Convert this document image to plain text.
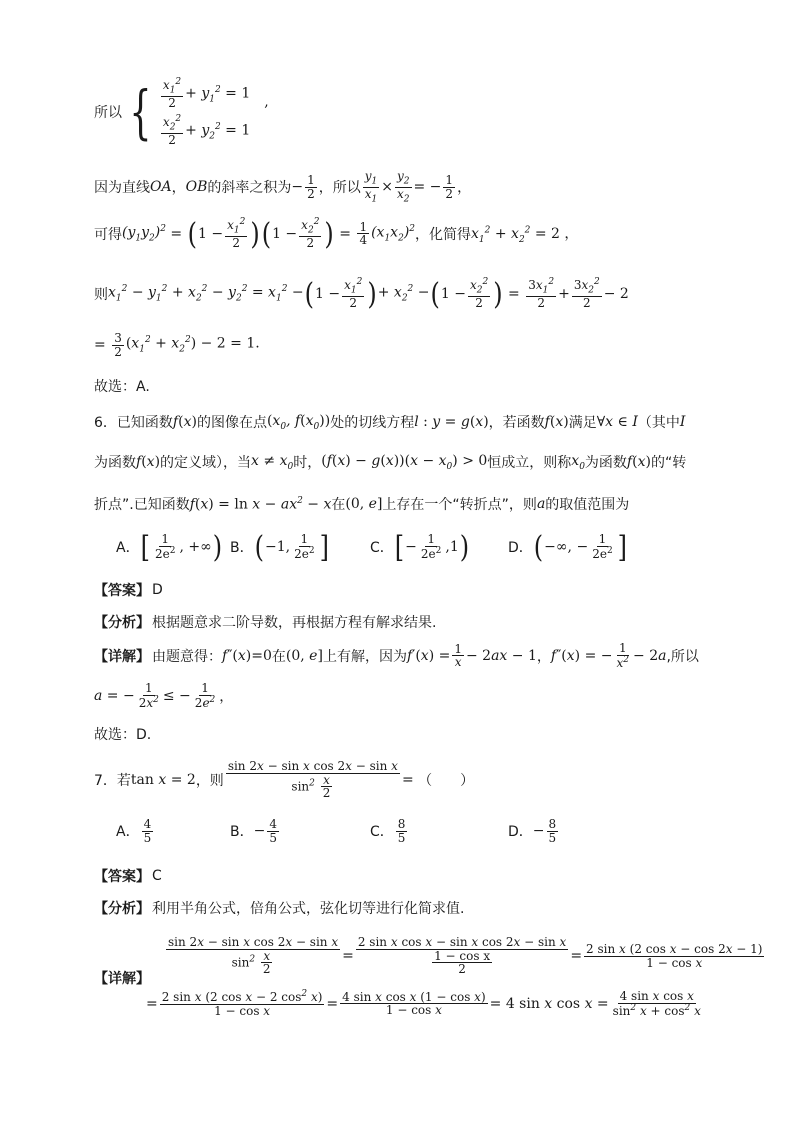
所以 { $\frac{x_1^2}{2} + y_1^2 = 1$
$\frac{x_2^2}{2} + y_2^2 = 1$
,
因为直线 OA ， OB 的斜率之积为 − $\frac{1}{2}$ ，所以 $\frac{y_1}{x_1} \times \frac{y_2}{x_2}$ = − $\frac{1}{2}$ ，
可得 $(y_1y_2)^2$ = ( $1 - \frac{x_1^2}{2}$ ) ( $1 - \frac{x_2^2}{2}$ ) = $\frac{1}{4} (x_1x_2)^2$ ，化简得 $x_1^2 + x_2^2 = 2$ ，
则 $x_1^2 - y_1^2 + x_2^2 - y_2^2 = x_1^2$ − ( $1 - \frac{x_1^2}{2}$ ) + $x_2^2$ − ( $1 - \frac{x_2^2}{2}$ ) = $\frac{3x_1^2}{2} + \frac{3x_2^2}{2} - 2$
= $\frac{3}{2} (x_1^2 + x_2^2) - 2 = 1$.
故选：A.
6．已知函数 f(x) 的图像在点 ($x_0$, $f(x_0)$) 处的切线方程 l : y = g(x) ，若函数 f(x) 满足 ∀x ∈ I （其中 I
为函数 f(x) 的定义域），当 $x \ne x_0$ 时， $(f(x) - g(x))(x - x_0) > 0$ 恒成立，则称 $x_0$ 为函数 f(x) 的“转
折点”.已知函数 $f(x) = \ln x - ax^2 - x$ 在 (0, e] 上存在一个“转折点”，则 a 的取值范围为
A． [ $\frac{1}{2e^2}$ , +∞ ) B． ( −1, $\frac{1}{2e^2}$ ]	C． [ − $\frac{1}{2e^2} ,1$ )	D． ( −∞, − $\frac{1}{2e^2}$ ]
【答案】 D
【分析】 根据题意求二阶导数，再根据方程有解求结果.
【详解】 由题意得： f″(x)=0 在 (0, e] 上有解，因为 $f'(x) = \frac{1}{x} - 2ax - 1$ ， f″(x) = − $\frac{1}{x^2} - 2a$ ,所以
a = − $\frac{1}{2x^2}$ ≤ − $\frac{1}{2e^2}$ ，
故选：D.
7．若 tan x = 2 ，则 $\frac{\text{sin 2x − sin x cos 2x − sin x}}{\sin^2 \frac{x}{2}}$ = （　　）
A． $\frac{4}{5}$	B． − $\frac{4}{5}$	C． $\frac{8}{5}$	D． − $\frac{8}{5}$
【答案】 C
【分析】 利用半角公式，倍角公式，弦化切等进行化简求值.
【详解】
$\frac{\text{sin 2x − sin x cos 2x − sin x}}{\sin^2 \frac{x}{2}} = \frac{\text{2 sin x cos x − sin x cos 2x − sin x}}{\frac{\text{1 − cos x}}{2}} = \frac{\text{2 sin x (2 cos x − cos 2x − 1)}}{\text{1 − cos x}}$
= $\frac{2 \sin x (2 \cos x - 2 \cos^2 x)}{\text{1 − cos x}} = \frac{\text{4 sin x cos x (1 − cos x)}}{\text{1 − cos x}} = 4$ sin x $\cos x = \frac{\text{4 sin x cos x}}{\sin^2 x + \cos^2 x}$
